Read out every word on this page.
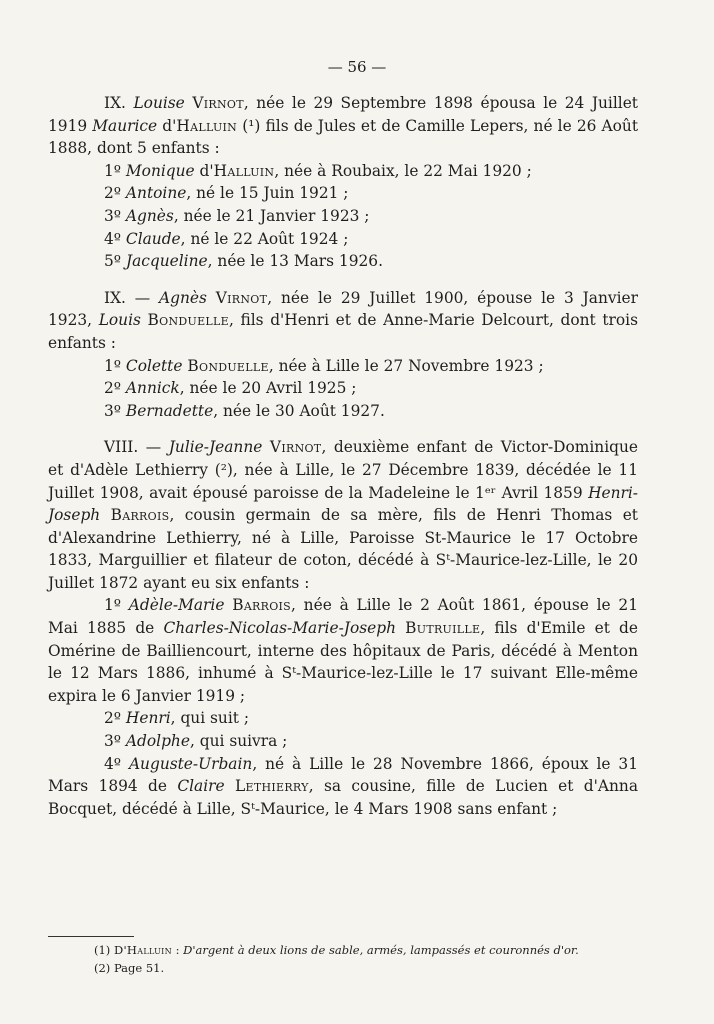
— 56 —
IX. Louise Virnot, née le 29 Septembre 1898 épousa le 24 Juillet 1919 Maurice d'Halluin (¹) fils de Jules et de Camille Lepers, né le 26 Août 1888, dont 5 enfants :
1º Monique d'Halluin, née à Roubaix, le 22 Mai 1920 ;
2º Antoine, né le 15 Juin 1921 ;
3º Agnès, née le 21 Janvier 1923 ;
4º Claude, né le 22 Août 1924 ;
5º Jacqueline, née le 13 Mars 1926.
IX. — Agnès Virnot, née le 29 Juillet 1900, épouse le 3 Janvier 1923, Louis Bonduelle, fils d'Henri et de Anne-Marie Delcourt, dont trois enfants :
1º Colette Bonduelle, née à Lille le 27 Novembre 1923 ;
2º Annick, née le 20 Avril 1925 ;
3º Bernadette, née le 30 Août 1927.
VIII. — Julie-Jeanne Virnot, deuxième enfant de Victor-Dominique et d'Adèle Lethierry (²), née à Lille, le 27 Décembre 1839, décédée le 11 Juillet 1908, avait épousé paroisse de la Madeleine le 1ᵉʳ Avril 1859 Henri-Joseph Barrois, cousin germain de sa mère, fils de Henri Thomas et d'Alexandrine Lethierry, né à Lille, Paroisse St-Maurice le 17 Octobre 1833, Marguillier et filateur de coton, décédé à Sᵗ-Maurice-lez-Lille, le 20 Juillet 1872 ayant eu six enfants :
1º Adèle-Marie Barrois, née à Lille le 2 Août 1861, épouse le 21 Mai 1885 de Charles-Nicolas-Marie-Joseph Butruille, fils d'Emile et de Omérine de Bailliencourt, interne des hôpitaux de Paris, décédé à Menton le 12 Mars 1886, inhumé à Sᵗ-Maurice-lez-Lille le 17 suivant Elle-même expira le 6 Janvier 1919 ;
2º Henri, qui suit ;
3º Adolphe, qui suivra ;
4º Auguste-Urbain, né à Lille le 28 Novembre 1866, époux le 31 Mars 1894 de Claire Lethierry, sa cousine, fille de Lucien et d'Anna Bocquet, décédé à Lille, Sᵗ-Maurice, le 4 Mars 1908 sans enfant ;

(1) D'Halluin : D'argent à deux lions de sable, armés, lampassés et couronnés d'or.

(2) Page 51.
